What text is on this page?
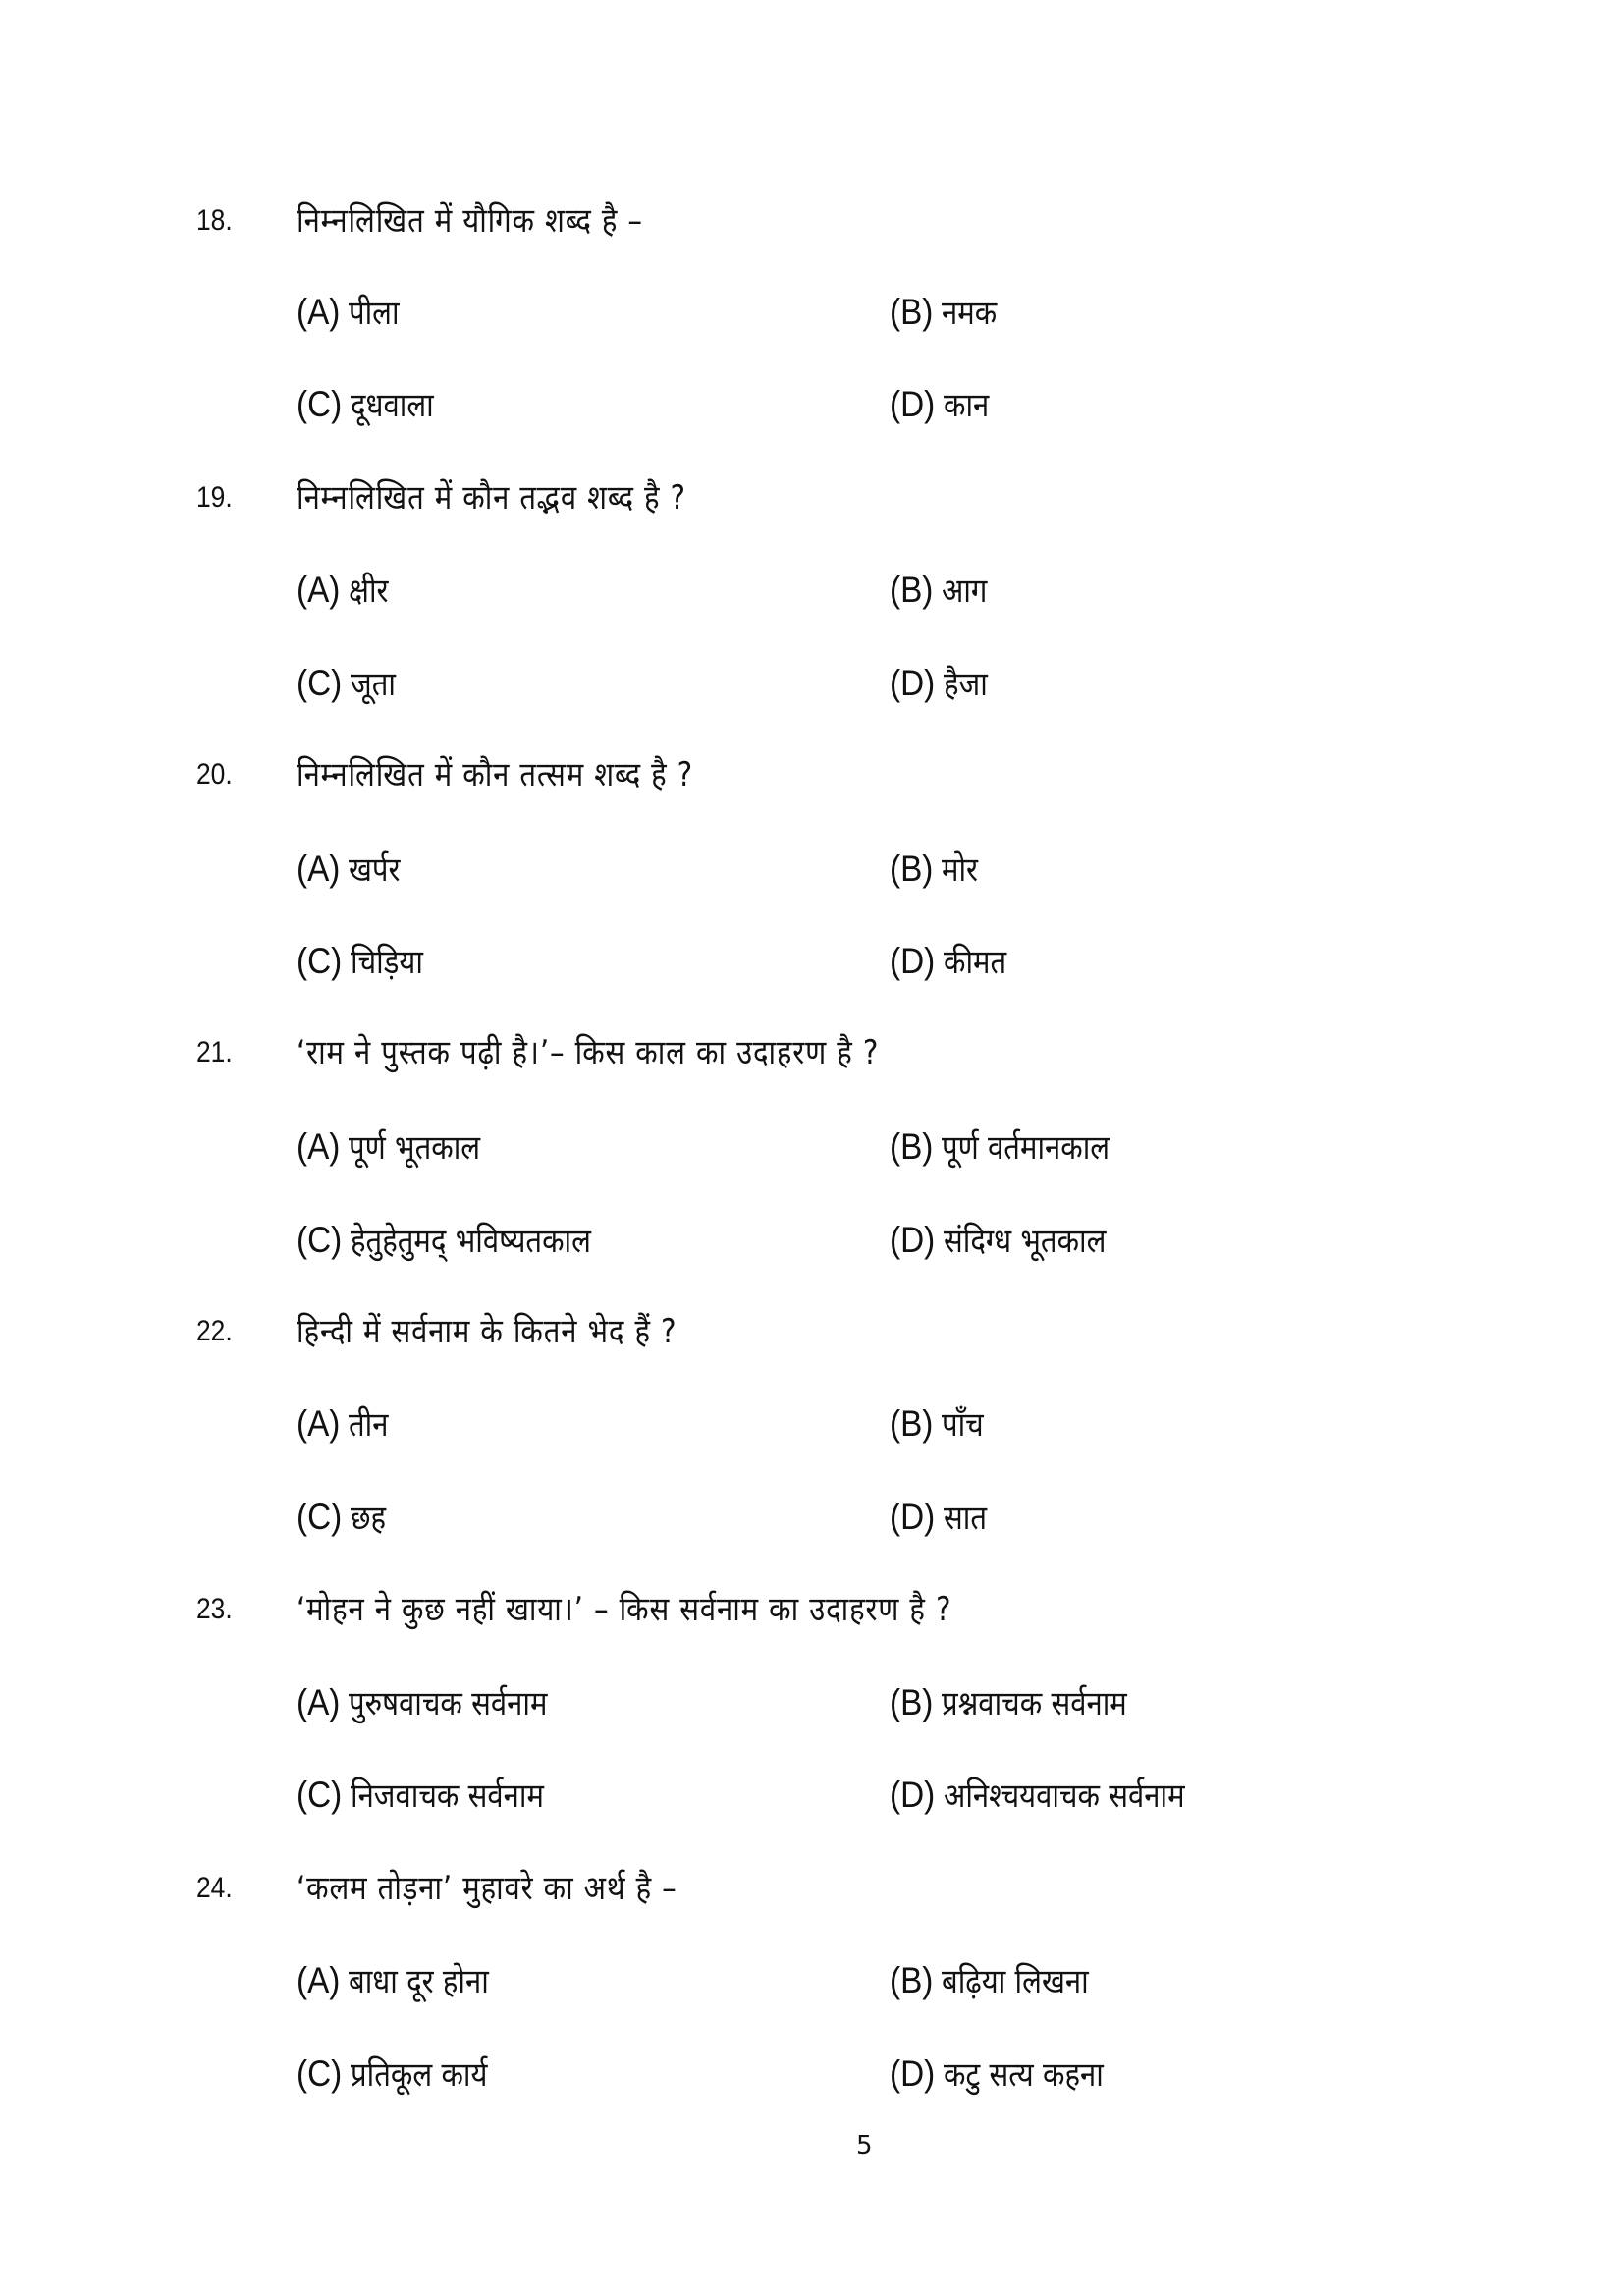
18. निम्नलिखित में यौगिक शब्द है –
(A) पीला	(B) नमक
(C) दूधवाला	(D) कान
19. निम्नलिखित में कौन तद्भव शब्द है ?
(A) क्षीर	(B) आग
(C) जूता	(D) हैजा
20. निम्नलिखित में कौन तत्सम शब्द है ?
(A) खर्पर	(B) मोर
(C) चिड़िया	(D) कीमत
21. ‘राम ने पुस्तक पढ़ी है।’– किस काल का उदाहरण है ?
(A) पूर्ण भूतकाल	(B) पूर्ण वर्तमानकाल
(C) हेतुहेतुमद् भविष्यतकाल	(D) संदिग्ध भूतकाल
22. हिन्दी में सर्वनाम के कितने भेद हैं ?
(A) तीन	(B) पाँच
(C) छह	(D) सात
23. ‘मोहन ने कुछ नहीं खाया।’ – किस सर्वनाम का उदाहरण है ?
(A) पुरुषवाचक सर्वनाम	(B) प्रश्नवाचक सर्वनाम
(C) निजवाचक सर्वनाम	(D) अनिश्चयवाचक सर्वनाम
24. ‘कलम तोड़ना’ मुहावरे का अर्थ है –
(A) बाधा दूर होना	(B) बढ़िया लिखना
(C) प्रतिकूल कार्य	(D) कटु सत्य कहना
5
